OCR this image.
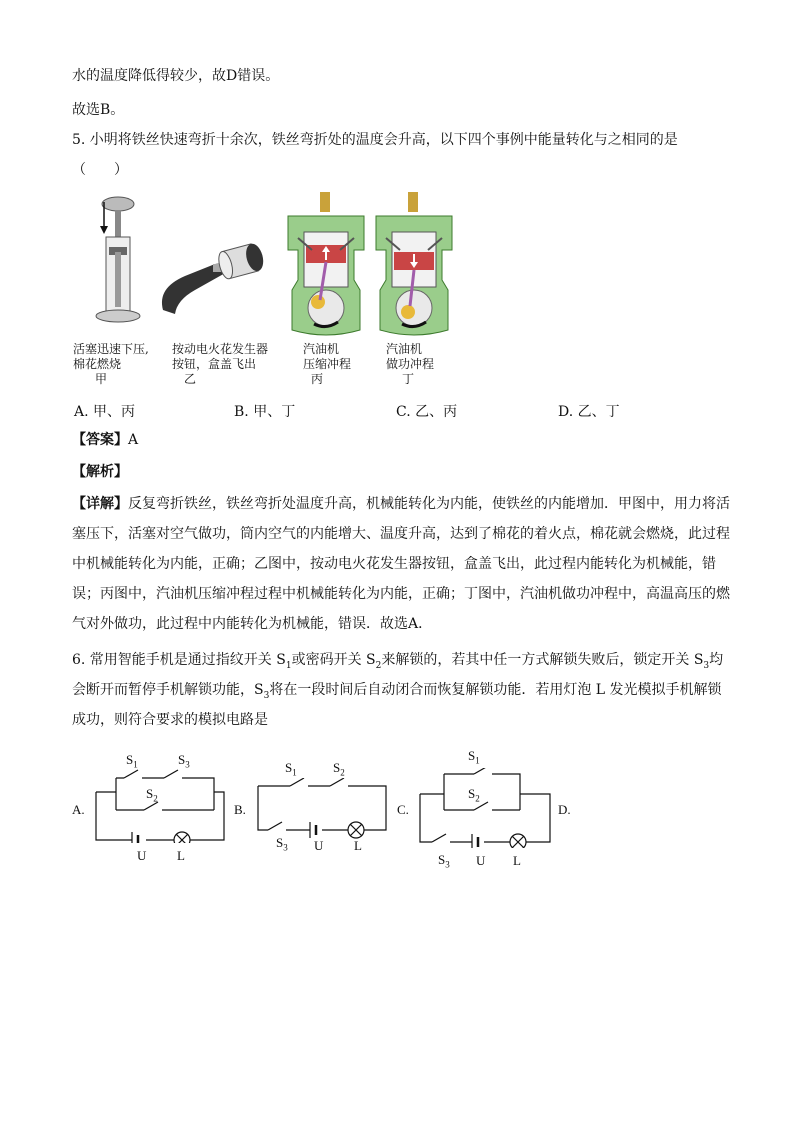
水的温度降低得较少，故D错误。
故选B。
5. 小明将铁丝快速弯折十余次，铁丝弯折处的温度会升高，以下四个事例中能量转化与之相同的是
（　　）
活塞迅速下压,
棉花燃烧
甲
按动电火花发生器
按钮，盒盖飞出
乙
汽油机
压缩冲程
丙
汽油机
做功冲程
丁
A. 甲、丙	B. 甲、丁	C. 乙、丙	D. 乙、丁
【答案】A
【解析】
【详解】反复弯折铁丝，铁丝弯折处温度升高，机械能转化为内能，使铁丝的内能增加．甲图中，用力将活塞压下，活塞对空气做功，筒内空气的内能增大、温度升高，达到了棉花的着火点，棉花就会燃烧，此过程中机械能转化为内能，正确；乙图中，按动电火花发生器按钮，盒盖飞出，此过程内能转化为机械能，错误；丙图中，汽油机压缩冲程过程中机械能转化为内能，正确；丁图中，汽油机做功冲程中，高温高压的燃气对外做功，此过程中内能转化为机械能，错误．故选A．
6. 常用智能手机是通过指纹开关 $S_1$或密码开关 $S_2$来解锁的，若其中任一方式解锁失败后，锁定开关 $S_3$均
会断开而暂停手机解锁功能，$S_3$将在一段时间后自动闭合而恢复解锁功能．若用灯泡 L 发光模拟手机解锁
成功，则符合要求的模拟电路是
A.
$S_1$	$S_3$
$S_2$
U L
B.
$S_1$	$S_2$
$S_3$ U L
C.
$S_1$
$S_2$
$S_3$ U L
D.
